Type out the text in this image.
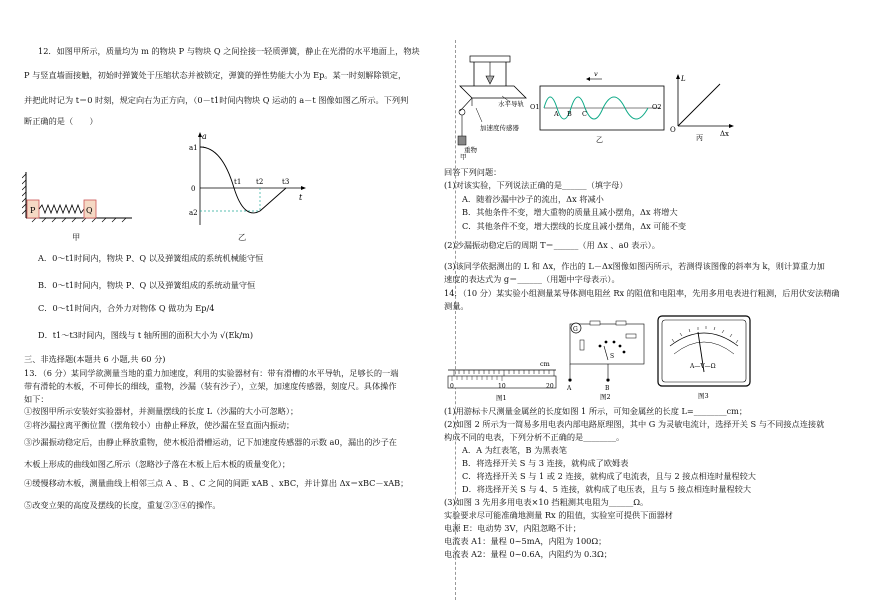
12．如图甲所示，质量均为 m 的物块 P 与物块 Q 之间拴接一轻质弹簧，静止在光滑的水平地面上，物块
P 与竖直墙面接触，初始时弹簧处于压缩状态并被锁定，弹簧的弹性势能大小为 Ep。某一时刻解除锁定，
并把此时记为 t＝0 时刻，规定向右为正方向，（0－t1时间内物块 Q 运动的 a－t 图像如图乙所示。下列判
断正确的是（　　）
P	Q
甲
a
t
a1
a2
0
t1 t2	t3
乙
A．0～t1时间内，物块 P、Q 以及弹簧组成的系统机械能守恒
B．0～t1时间内，物块 P、Q 以及弹簧组成的系统动量守恒
C．0～t1时间内，合外力对物体 Q 做功为 Ep/4
D．t1～t3时间内，图线与 t 轴所围的面积大小为 √(Ek/m)
三、非选择题(本题共 6 小题,共 60 分)
13．（6 分）某同学欲测量当地的重力加速度，利用的实验器材有：带有滑槽的水平导轨，足够长的一端
带有滑轮的木板，不可伸长的细线，重物，沙漏（装有沙子），立架，加速度传感器，刻度尺。具体操作
如下：
①按图甲所示安装好实验器材，并测量摆线的长度 L（沙漏的大小可忽略）；
②将沙漏拉离平衡位置（摆角较小）由静止释放，使沙漏在竖直面内振动；
③沙漏振动稳定后，由静止释放重物，使木板沿滑槽运动，记下加速度传感器的示数 a0，漏出的沙子在
木板上形成的曲线如图乙所示（忽略沙子落在木板上后木板的质量变化）；
④缓慢移动木板，测量曲线上相邻三点 A 、B 、C 之间的间距 xAB 、xBC，并计算出 Δx＝xBC－xAB；
⑤改变立架的高度及摆线的长度，重复②③④的操作。
水平导轨
加速度传感器
重物
甲
v
O1	O2
A B C
乙
L
O	Δx
丙
回答下列问题：
(1)对该实验，下列说法正确的是______（填字母）
A．随着沙漏中沙子的流出，Δx 将减小
B．其他条件不变，增大重物的质量且减小摆角，Δx 将增大
C．其他条件不变，增大摆线的长度且减小摆角，Δx 可能不变
(2)沙漏振动稳定后的周期 T＝______（用 Δx 、a0 表示）。
(3)该同学依据测出的 L 和 Δx，作出的 L－Δx图像如图丙所示，若测得该图像的斜率为 k，则计算重力加
速度的表达式为 g＝______（用题中字母表示）。
14．（10 分）某实验小组测量某导体测电阻丝 Rx 的阻值和电阻率，先用多用电表进行粗测，后用伏安法精确
测量。
cm
0	10	20
图1
G
S
A	B
图2
A—V—Ω
图3
(1)用游标卡尺测量金属丝的长度如图 1 所示，可知金属丝的长度 L=________cm；
(2)如图 2 所示为一简易多用电表内部电路原理图，其中 G 为灵敏电流计，选择开关 S 与不同接点连接就
构成不同的电表，下列分析不正确的是________。
A．A 为红表笔，B 为黑表笔
B．将选择开关 S 与 3 连接，就构成了欧姆表
C．将选择开关 S 与 1 或 2 连接，就构成了电流表，且与 2 接点相连时量程较大
D．将选择开关 S 与 4、5 连接，就构成了电压表，且与 5 接点相连时量程较大
(3)如图 3 先用多用电表×10 挡粗测其电阻为______Ω。
实验要求尽可能准确地测量 Rx 的阻值，实验室可提供下面器材
电源 E：电动势 3V，内阻忽略不计；
电流表 A1：量程 0~5mA，内阻为 100Ω；
电流表 A2：量程 0~0.6A，内阻约为 0.3Ω；
